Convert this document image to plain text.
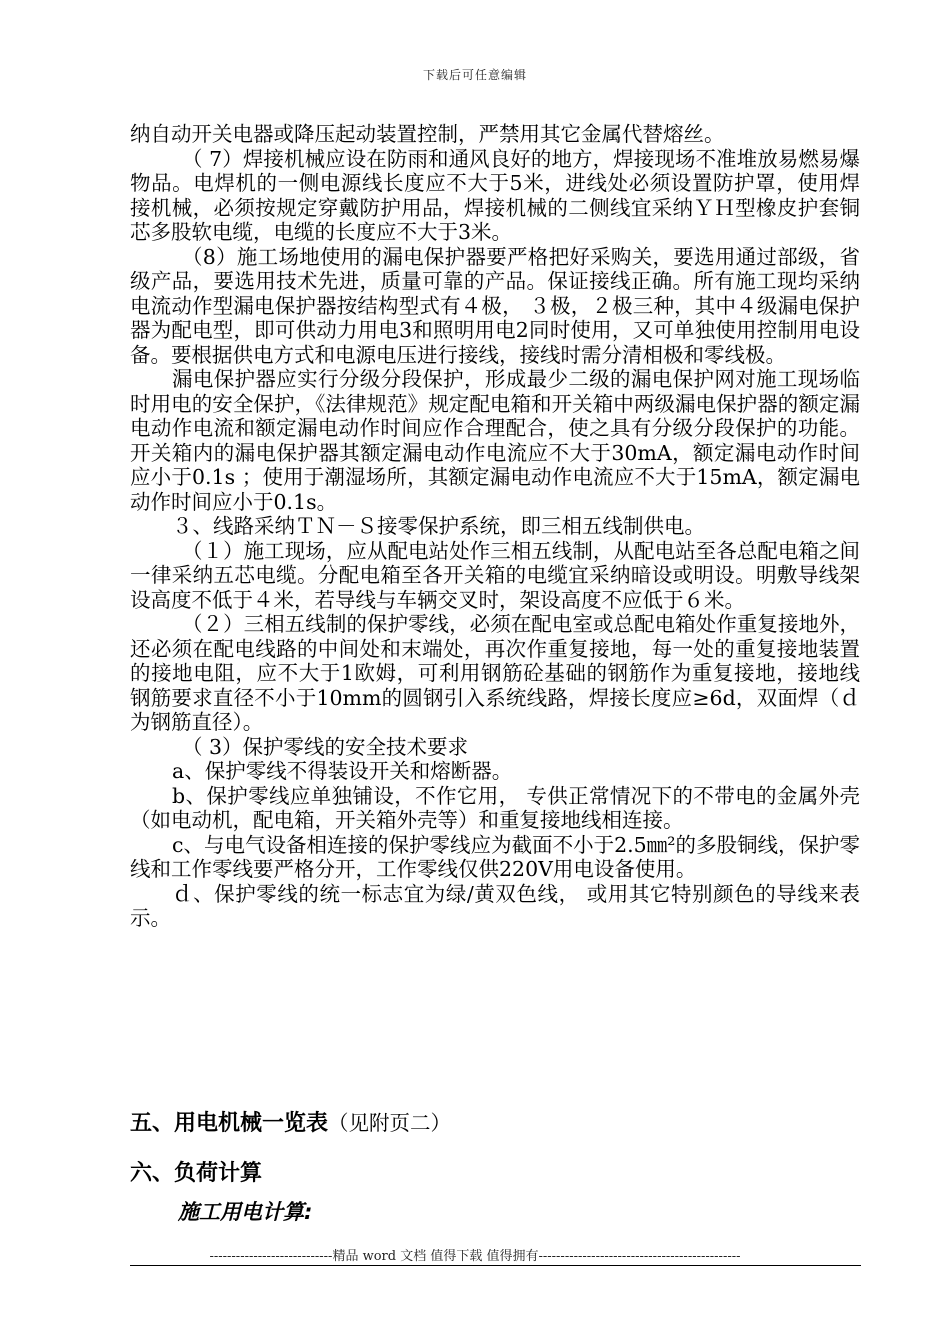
下载后可任意编辑

纳自动开关电器或降压起动装置控制，严禁用其它金属代替熔丝。

（ 7）焊接机械应设在防雨和通风良好的地方，焊接现场不准堆放易燃易爆物品。电焊机的一侧电源线长度应不大于5米，进线处必须设置防护罩，使用焊接机械，必须按规定穿戴防护用品，焊接机械的二侧线宜采纳ＹＨ型橡皮护套铜芯多股软电缆，电缆的长度应不大于3米。

（8）施工场地使用的漏电保护器要严格把好采购关，要选用通过部级，省级产品，要选用技术先进，质量可靠的产品。保证接线正确。所有施工现均采纳电流动作型漏电保护器按结构型式有４极， ３极，２极三种，其中４级漏电保护器为配电型，即可供动力用电3和照明用电2同时使用，又可单独使用控制用电设备。要根据供电方式和电源电压进行接线，接线时需分清相极和零线极。

漏电保护器应实行分级分段保护，形成最少二级的漏电保护网对施工现场临时用电的安全保护，《法律规范》规定配电箱和开关箱中两级漏电保护器的额定漏电动作电流和额定漏电动作时间应作合理配合，使之具有分级分段保护的功能。开关箱内的漏电保护器其额定漏电动作电流应不大于30mA，额定漏电动作时间应小于0.1s ；使用于潮湿场所，其额定漏电动作电流应不大于15mA，额定漏电动作时间应小于0.1s。

３、线路采纳ＴＮ－Ｓ接零保护系统，即三相五线制供电。

（１）施工现场，应从配电站处作三相五线制，从配电站至各总配电箱之间一律采纳五芯电缆。分配电箱至各开关箱的电缆宜采纳暗设或明设。明敷导线架设高度不低于４米，若导线与车辆交叉时，架设高度不应低于６米。

（２）三相五线制的保护零线，必须在配电室或总配电箱处作重复接地外，还必须在配电线路的中间处和末端处，再次作重复接地，每一处的重复接地装置的接地电阻，应不大于1欧姆，可利用钢筋砼基础的钢筋作为重复接地，接地线钢筋要求直径不小于10mm的圆钢引入系统线路，焊接长度应≥6d，双面焊（ｄ为钢筋直径）。

（ 3）保护零线的安全技术要求

a、保护零线不得装设开关和熔断器。

b、保护零线应单独铺设，不作它用， 专供正常情况下的不带电的金属外壳（如电动机，配电箱，开关箱外壳等）和重复接地线相连接。

c、与电气设备相连接的保护零线应为截面不小于2.5㎜²的多股铜线，保护零线和工作零线要严格分开，工作零线仅供220V用电设备使用。

ｄ、保护零线的统一标志宜为绿/黄双色线， 或用其它特别颜色的导线来表示。

五、用电机械一览表（见附页二）
六、负荷计算
施工用电计算:
----------------------------精品 word 文档 值得下载 值得拥有----------------------------------------------
